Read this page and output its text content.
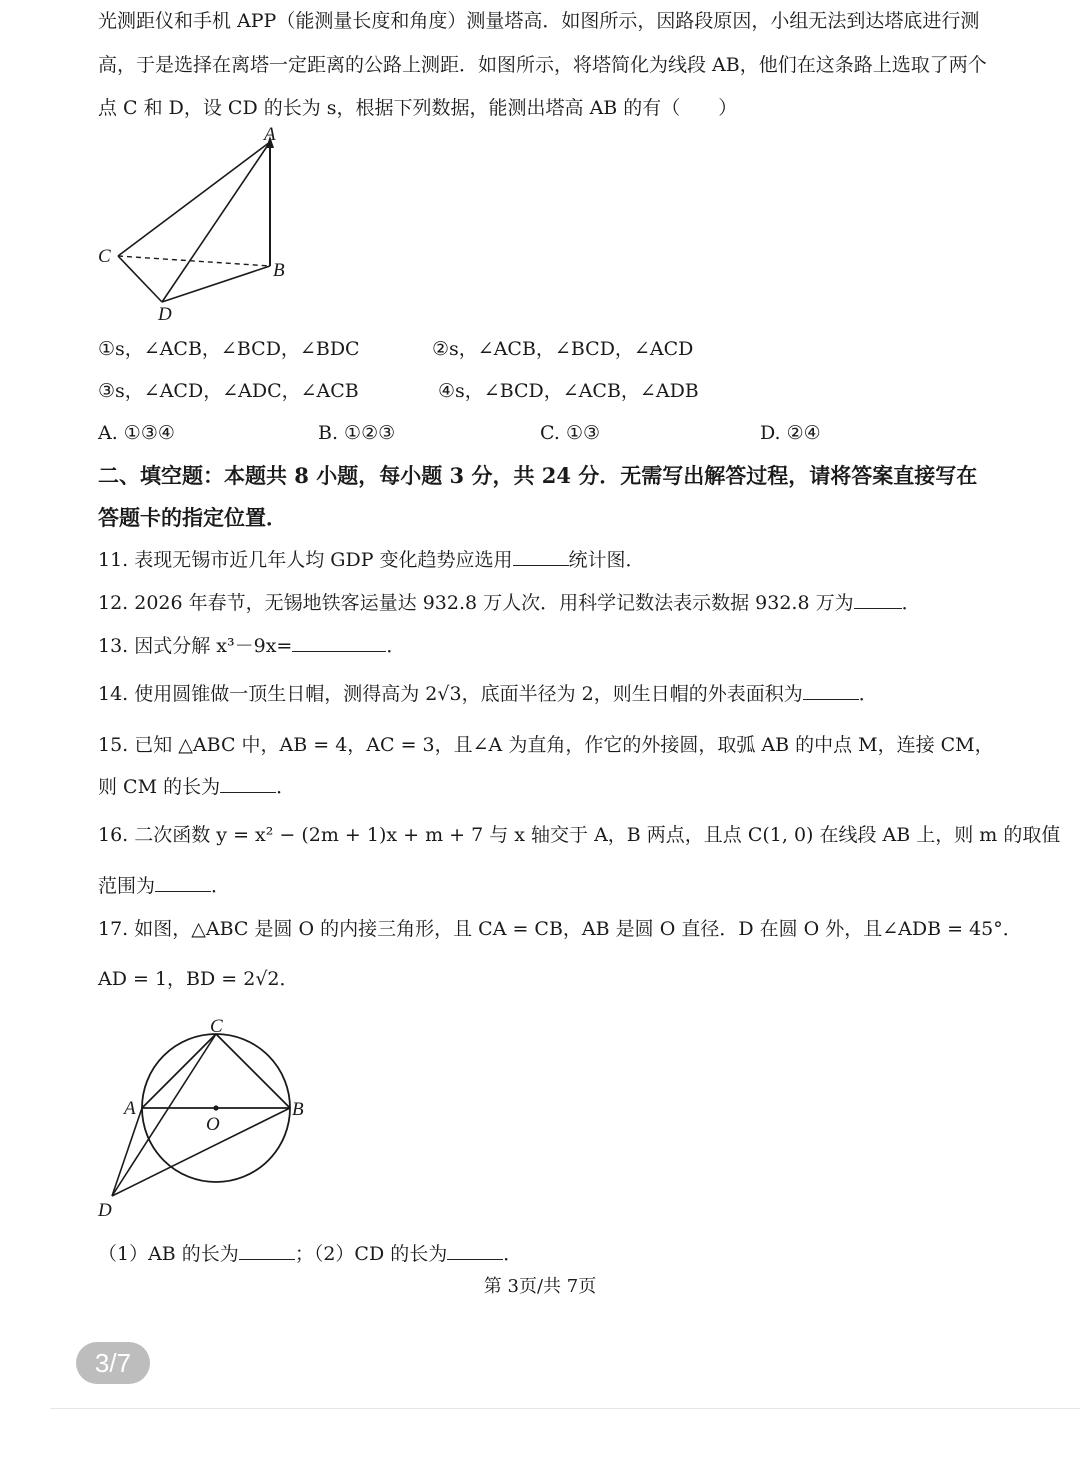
光测距仪和手机 APP（能测量长度和角度）测量塔高．如图所示，因路段原因，小组无法到达塔底进行测
高，于是选择在离塔一定距离的公路上测距．如图所示，将塔简化为线段 AB，他们在这条路上选取了两个
点 C 和 D，设 CD 的长为 s，根据下列数据，能测出塔高 AB 的有（　　）
A
B
C
D
①s，∠ACB，∠BCD，∠BDC	②s，∠ACB，∠BCD，∠ACD
③s，∠ACD，∠ADC，∠ACB	④s，∠BCD，∠ACB，∠ADB
A. ①③④	B. ①②③	C. ①③	D. ②④
二、填空题：本题共 8 小题，每小题 3 分，共 24 分．无需写出解答过程，请将答案直接写在
答题卡的指定位置．
11. 表现无锡市近几年人均 GDP 变化趋势应选用	统计图．
12. 2026 年春节，无锡地铁客运量达 932.8 万人次．用科学记数法表示数据 932.8 万为	．
13. 因式分解 x³－9x=	．
14. 使用圆锥做一顶生日帽，测得高为 2√3，底面半径为 2，则生日帽的外表面积为	．
15. 已知 △ABC 中，AB = 4，AC = 3，且∠A 为直角，作它的外接圆，取弧 AB 的中点 M，连接 CM，
则 CM 的长为	．
16. 二次函数 y = x² − (2m + 1)x + m + 7 与 x 轴交于 A，B 两点，且点 C(1, 0) 在线段 AB 上，则 m 的取值
范围为	．
17. 如图，△ABC 是圆 O 的内接三角形，且 CA = CB，AB 是圆 O 直径．D 在圆 O 外，且∠ADB = 45°．
AD = 1，BD = 2√2．
C
A	B
O
D
（1）AB 的长为	；（2）CD 的长为	．
第 3页/共 7页
3/7
